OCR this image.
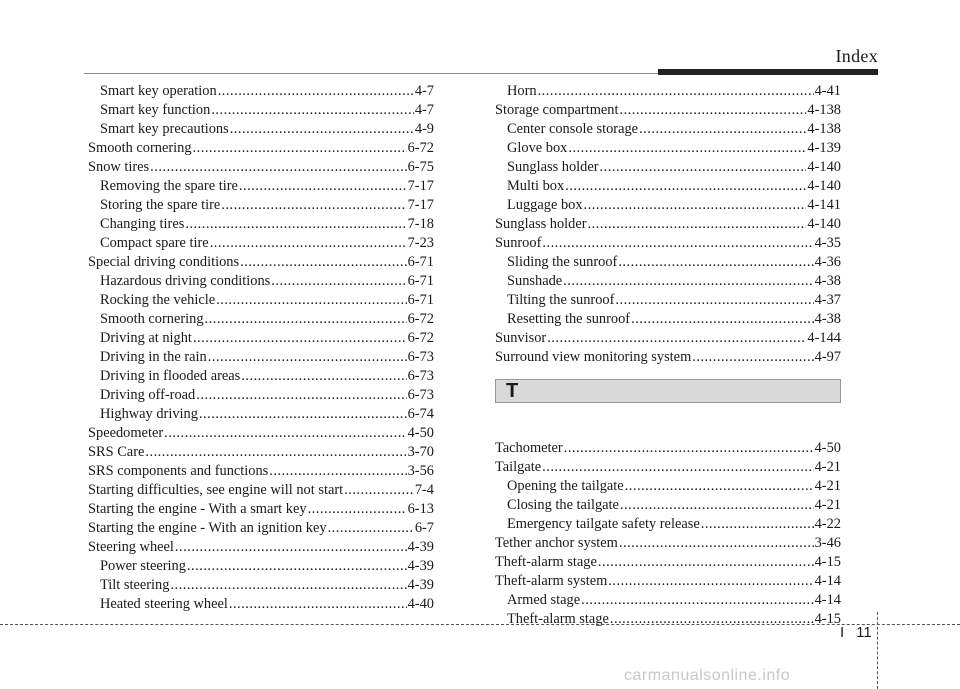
Index
Smart key operation .....	4-7
Smart key function .....	4-7
Smart key precautions .....	4-9
Smooth cornering .....	6-72
Snow tires .....	6-75
Removing the spare tire .....	7-17
Storing the spare tire .....	7-17
Changing tires .....	7-18
Compact spare tire .....	7-23
Special driving conditions .....	6-71
Hazardous driving conditions .....	6-71
Rocking the vehicle .....	6-71
Smooth cornering .....	6-72
Driving at night .....	6-72
Driving in the rain .....	6-73
Driving in flooded areas .....	6-73
Driving off-road .....	6-73
Highway driving .....	6-74
Speedometer .....	4-50
SRS Care .....	3-70
SRS components and functions .....	3-56
Starting difficulties, see engine will not start .....	7-4
Starting the engine - With a smart key .....	6-13
Starting the engine - With an ignition key .....	6-7
Steering wheel .....	4-39
Power steering .....	4-39
Tilt steering .....	4-39
Heated steering wheel .....	4-40
Horn .....	4-41
Storage compartment .....	4-138
Center console storage .....	4-138
Glove box .....	4-139
Sunglass holder .....	4-140
Multi box .....	4-140
Luggage box .....	4-141
Sunglass holder .....	4-140
Sunroof .....	4-35
Sliding the sunroof .....	4-36
Sunshade .....	4-38
Tilting the sunroof .....	4-37
Resetting the sunroof .....	4-38
Sunvisor .....	4-144
Surround view monitoring system .....	4-97
T
Tachometer .....	4-50
Tailgate .....	4-21
Opening the tailgate .....	4-21
Closing the tailgate .....	4-21
Emergency tailgate safety release .....	4-22
Tether anchor system .....	3-46
Theft-alarm stage .....	4-15
Theft-alarm system .....	4-14
Armed stage .....	4-14
Theft-alarm stage .....	4-15
I 11
carmanualsonline.info
